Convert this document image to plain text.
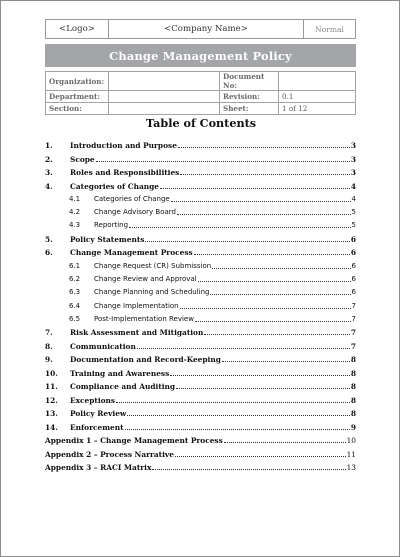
<Logo>	<Company Name>	Normal
Change Management Policy
Organization:		Document No:	
Department:		Revision:	0.1
Section:		Sheet:	1 of 12
Table of Contents
1.	Introduction and Purpose	3
2.	Scope	3
3.	Roles and Responsibilities	3
4.	Categories of Change	4
4.1	Categories of Change	4
4.2	Change Advisory Board	5
4.3	Reporting	5
5.	Policy Statements	6
6.	Change Management Process	6
6.1	Change Request (CR) Submission	6
6.2	Change Review and Approval	6
6.3	Change Planning and Scheduling	6
6.4	Change Implementation	7
6.5	Post-Implementation Review	7
7.	Risk Assessment and Mitigation	7
8.	Communication	7
9.	Documentation and Record-Keeping	8
10.	Training and Awareness	8
11.	Compliance and Auditing	8
12.	Exceptions	8
13.	Policy Review	8
14.	Enforcement	9
Appendix 1 – Change Management Process	10
Appendix 2 – Process Narrative	11
Appendix 3 – RACI Matrix	13
